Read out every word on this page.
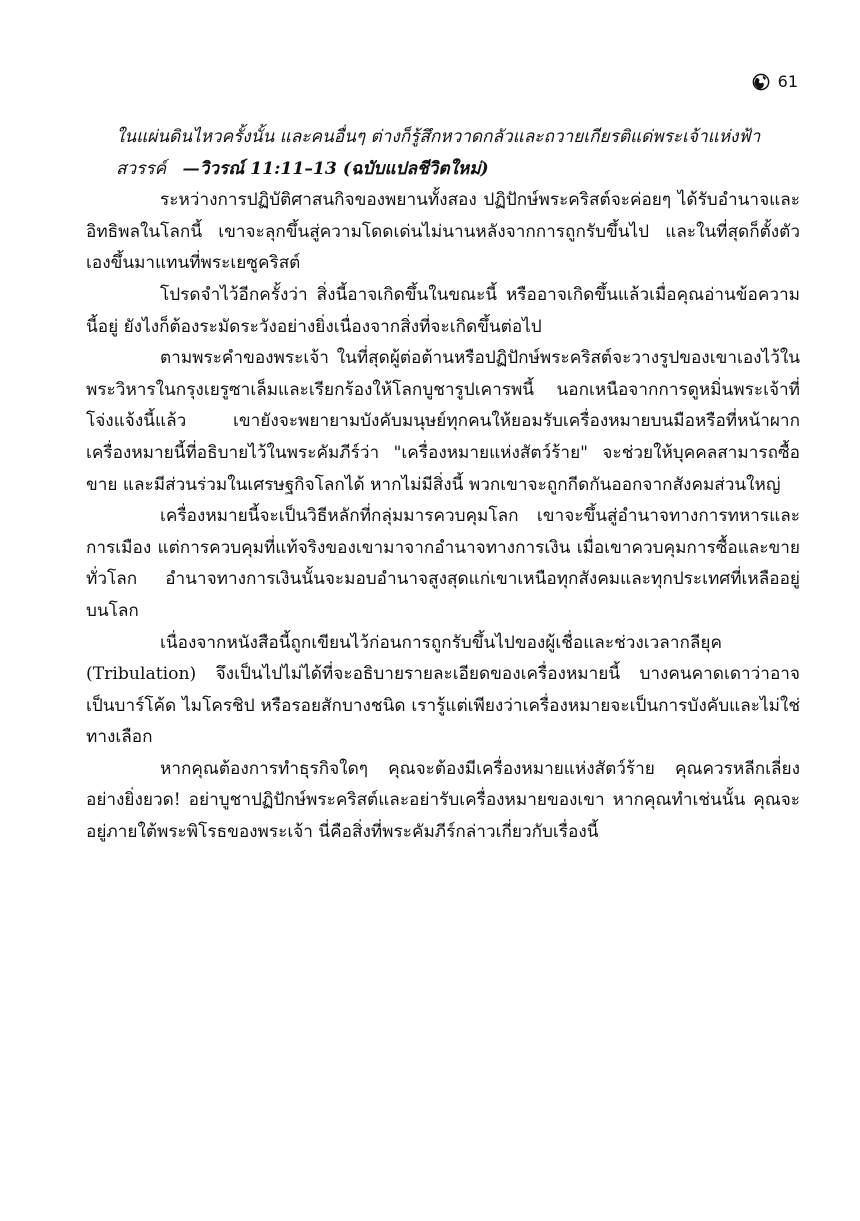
61

ในแผ่นดินไหวครั้งนั้น และคนอื่นๆ ต่างก็รู้สึกหวาดกลัวและถวายเกียรติแด่พระเจ้าแห่งฟ้าสวรรค์ —วิวรณ์ 11:11–13 (ฉบับแปลชีวิตใหม่)

ระหว่างการปฏิบัติศาสนกิจของพยานทั้งสอง ปฏิปักษ์พระคริสต์จะค่อยๆ ได้รับอำนาจและอิทธิพลในโลกนี้ เขาจะลุกขึ้นสู่ความโดดเด่นไม่นานหลังจากการถูกรับขึ้นไป และในที่สุดก็ตั้งตัวเองขึ้นมาแทนที่พระเยซูคริสต์

โปรดจำไว้อีกครั้งว่า สิ่งนี้อาจเกิดขึ้นในขณะนี้ หรืออาจเกิดขึ้นแล้วเมื่อคุณอ่านข้อความนี้อยู่ ยังไงก็ต้องระมัดระวังอย่างยิ่งเนื่องจากสิ่งที่จะเกิดขึ้นต่อไป

ตามพระคำของพระเจ้า ในที่สุดผู้ต่อต้านหรือปฏิปักษ์พระคริสต์จะวางรูปของเขาเองไว้ในพระวิหารในกรุงเยรูซาเล็มและเรียกร้องให้โลกบูชารูปเคารพนี้ นอกเหนือจากการดูหมิ่นพระเจ้าที่โจ่งแจ้งนี้แล้ว เขายังจะพยายามบังคับมนุษย์ทุกคนให้ยอมรับเครื่องหมายบนมือหรือที่หน้าผาก เครื่องหมายนี้ที่อธิบายไว้ในพระคัมภีร์ว่า "เครื่องหมายแห่งสัตว์ร้าย" จะช่วยให้บุคคลสามารถซื้อ ขาย และมีส่วนร่วมในเศรษฐกิจโลกได้ หากไม่มีสิ่งนี้ พวกเขาจะถูกกีดกันออกจากสังคมส่วนใหญ่

เครื่องหมายนี้จะเป็นวิธีหลักที่กลุ่มมารควบคุมโลก เขาจะขึ้นสู่อำนาจทางการทหารและการเมือง แต่การควบคุมที่แท้จริงของเขามาจากอำนาจทางการเงิน เมื่อเขาควบคุมการซื้อและขายทั่วโลก อำนาจทางการเงินนั้นจะมอบอำนาจสูงสุดแก่เขาเหนือทุกสังคมและทุกประเทศที่เหลืออยู่บนโลก

เนื่องจากหนังสือนี้ถูกเขียนไว้ก่อนการถูกรับขึ้นไปของผู้เชื่อและช่วงเวลากลียุค (Tribulation) จึงเป็นไปไม่ได้ที่จะอธิบายรายละเอียดของเครื่องหมายนี้ บางคนคาดเดาว่าอาจเป็นบาร์โค้ด ไมโครชิป หรือรอยสักบางชนิด เรารู้แต่เพียงว่าเครื่องหมายจะเป็นการบังคับและไม่ใช่ทางเลือก

หากคุณต้องการทำธุรกิจใดๆ คุณจะต้องมีเครื่องหมายแห่งสัตว์ร้าย คุณควรหลีกเลี่ยงอย่างยิ่งยวด! อย่าบูชาปฏิปักษ์พระคริสต์และอย่ารับเครื่องหมายของเขา หากคุณทำเช่นนั้น คุณจะอยู่ภายใต้พระพิโรธของพระเจ้า นี่คือสิ่งที่พระคัมภีร์กล่าวเกี่ยวกับเรื่องนี้
